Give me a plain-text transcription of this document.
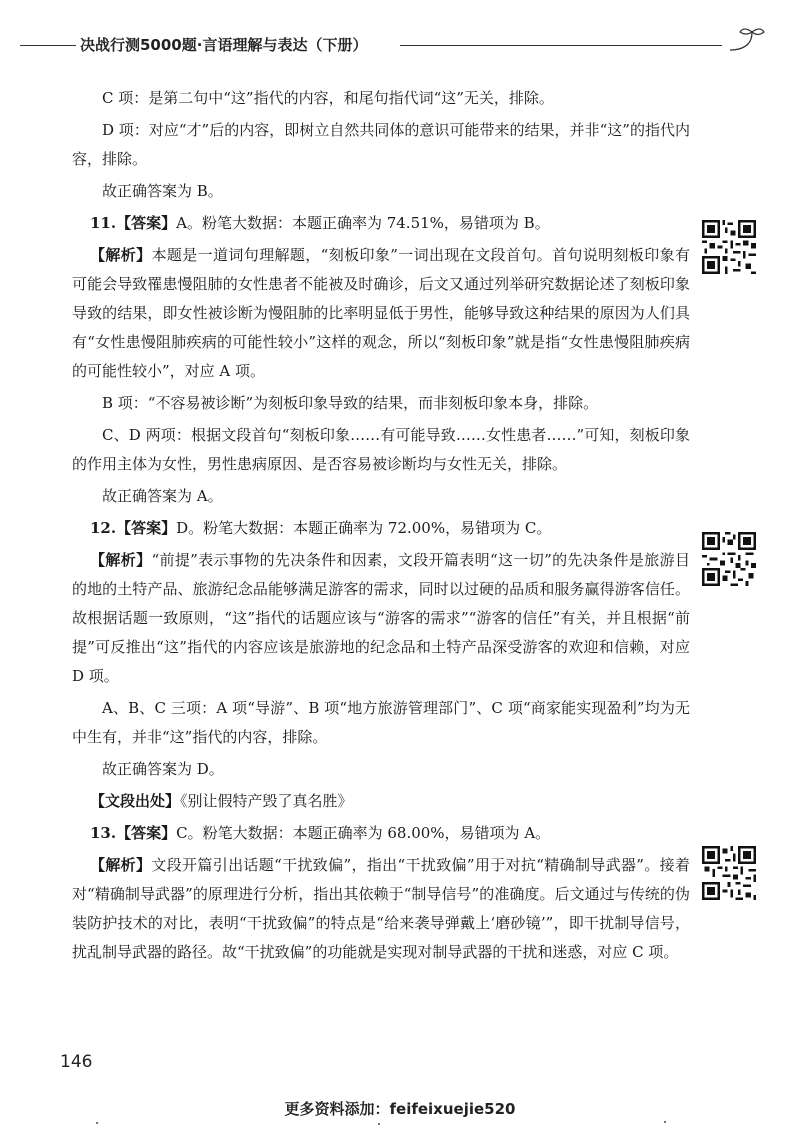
决战行测5000题·言语理解与表达（下册）

C 项：是第二句中“这”指代的内容，和尾句指代词“这”无关，排除。

D 项：对应“才”后的内容，即树立自然共同体的意识可能带来的结果，并非“这”的指代内容，排除。

故正确答案为 B。

11.【答案】A。粉笔大数据：本题正确率为 74.51%，易错项为 B。

【解析】本题是一道词句理解题，“刻板印象”一词出现在文段首句。首句说明刻板印象有可能会导致罹患慢阻肺的女性患者不能被及时确诊，后文又通过列举研究数据论述了刻板印象导致的结果，即女性被诊断为慢阻肺的比率明显低于男性，能够导致这种结果的原因为人们具有“女性患慢阻肺疾病的可能性较小”这样的观念，所以“刻板印象”就是指“女性患慢阻肺疾病的可能性较小”，对应 A 项。

B 项：“不容易被诊断”为刻板印象导致的结果，而非刻板印象本身，排除。

C、D 两项：根据文段首句“刻板印象……有可能导致……女性患者……”可知，刻板印象的作用主体为女性，男性患病原因、是否容易被诊断均与女性无关，排除。

故正确答案为 A。

12.【答案】D。粉笔大数据：本题正确率为 72.00%，易错项为 C。

【解析】“前提”表示事物的先决条件和因素，文段开篇表明“这一切”的先决条件是旅游目的地的土特产品、旅游纪念品能够满足游客的需求，同时以过硬的品质和服务赢得游客信任。故根据话题一致原则，“这”指代的话题应该与“游客的需求”“游客的信任”有关，并且根据“前提”可反推出“这”指代的内容应该是旅游地的纪念品和土特产品深受游客的欢迎和信赖，对应 D 项。

A、B、C 三项：A 项“导游”、B 项“地方旅游管理部门”、C 项“商家能实现盈利”均为无中生有，并非“这”指代的内容，排除。

故正确答案为 D。

【文段出处】《别让假特产毁了真名胜》

13.【答案】C。粉笔大数据：本题正确率为 68.00%，易错项为 A。

【解析】文段开篇引出话题“干扰致偏”，指出“干扰致偏”用于对抗“精确制导武器”。接着对“精确制导武器”的原理进行分析，指出其依赖于“制导信号”的准确度。后文通过与传统的伪装防护技术的对比，表明“干扰致偏”的特点是“给来袭导弹戴上‘磨砂镜’”，即干扰制导信号，扰乱制导武器的路径。故“干扰致偏”的功能就是实现对制导武器的干扰和迷惑，对应 C 项。

146
更多资料添加：feifeixuejie520
